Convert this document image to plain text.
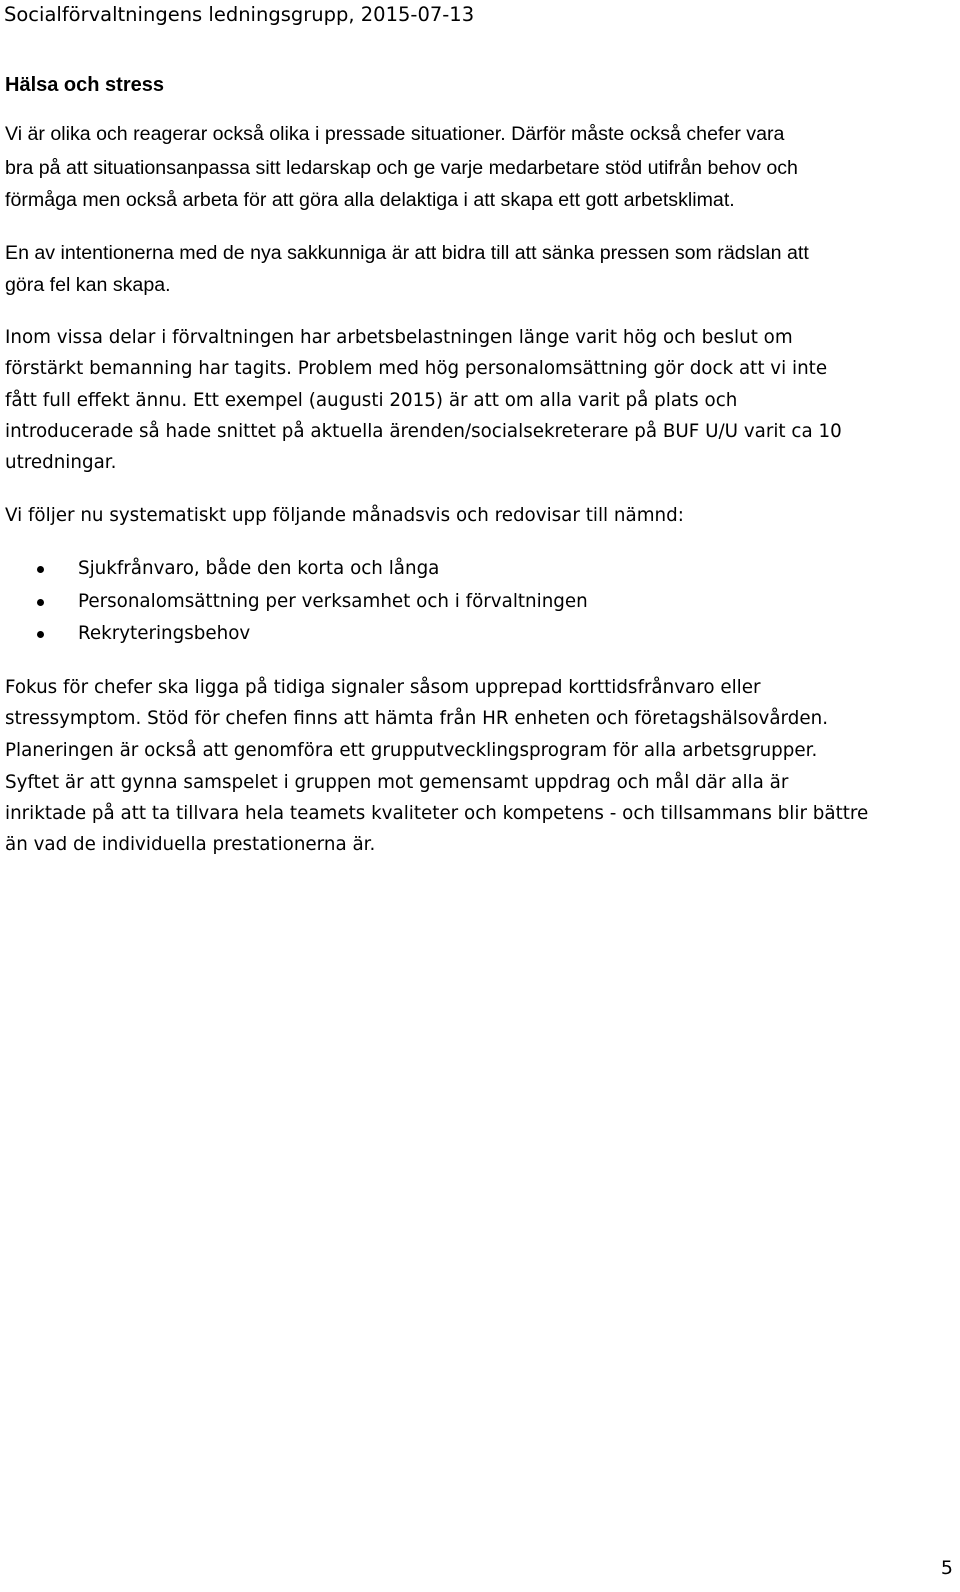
Socialförvaltningens ledningsgrupp, 2015-07-13
Hälsa och stress
Vi är olika och reagerar också olika i pressade situationer. Därför måste också chefer vara
bra på att situationsanpassa sitt ledarskap och ge varje medarbetare stöd utifrån behov och
förmåga men också arbeta för att göra alla delaktiga i att skapa ett gott arbetsklimat.
En av intentionerna med de nya sakkunniga är att bidra till att sänka pressen som rädslan att
göra fel kan skapa.
Inom vissa delar i förvaltningen har arbetsbelastningen länge varit hög och beslut om
förstärkt bemanning har tagits. Problem med hög personalomsättning gör dock att vi inte
fått full effekt ännu. Ett exempel (augusti 2015) är att om alla varit på plats och
introducerade så hade snittet på aktuella ärenden/socialsekreterare på BUF U/U varit ca 10
utredningar.
Vi följer nu systematiskt upp följande månadsvis och redovisar till nämnd:
Sjukfrånvaro, både den korta och långa
Personalomsättning per verksamhet och i förvaltningen
Rekryteringsbehov
Fokus för chefer ska ligga på tidiga signaler såsom upprepad korttidsfrånvaro eller
stressymptom. Stöd för chefen finns att hämta från HR enheten och företagshälsovården.
Planeringen är också att genomföra ett grupputvecklingsprogram för alla arbetsgrupper.
Syftet är att gynna samspelet i gruppen mot gemensamt uppdrag och mål där alla är
inriktade på att ta tillvara hela teamets kvaliteter och kompetens - och tillsammans blir bättre
än vad de individuella prestationerna är.
5
